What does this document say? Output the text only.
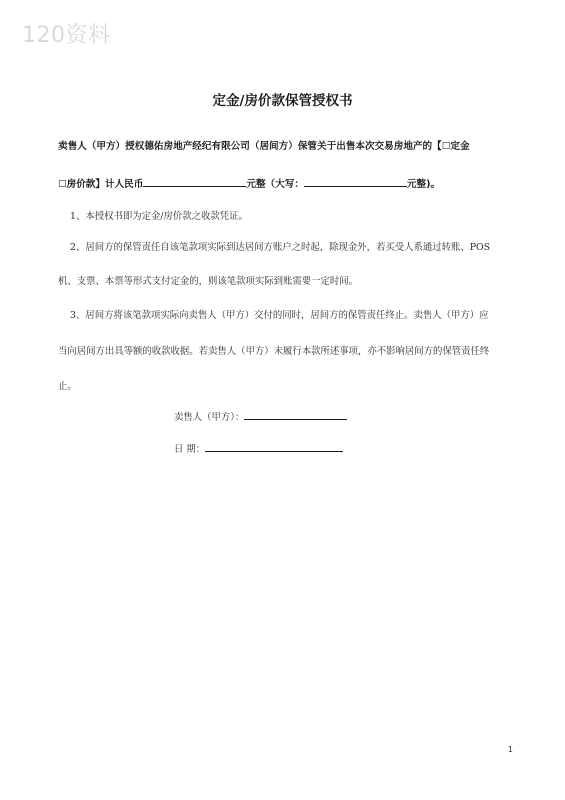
120资料
定金/房价款保管授权书
卖售人（甲方）授权德佑房地产经纪有限公司（居间方）保管关于出售本次交易房地产的【☐定金
☐房价款】计人民币	元整（大写：	元整)。
1、本授权书即为定金/房价款之收款凭证。
2、居间方的保管责任自该笔款项实际到达居间方账户之时起，除现金外，若买受人系通过转账、POS
机、支票、本票等形式支付定金的，则该笔款项实际到账需要一定时间。
3、居间方将该笔款项实际向卖售人（甲方）交付的同时，居间方的保管责任终止。卖售人（甲方）应
当向居间方出具等额的收款收据。若卖售人（甲方）未履行本款所述事项，亦不影响居间方的保管责任终
止。
卖售人（甲方）：
日 期：
1
